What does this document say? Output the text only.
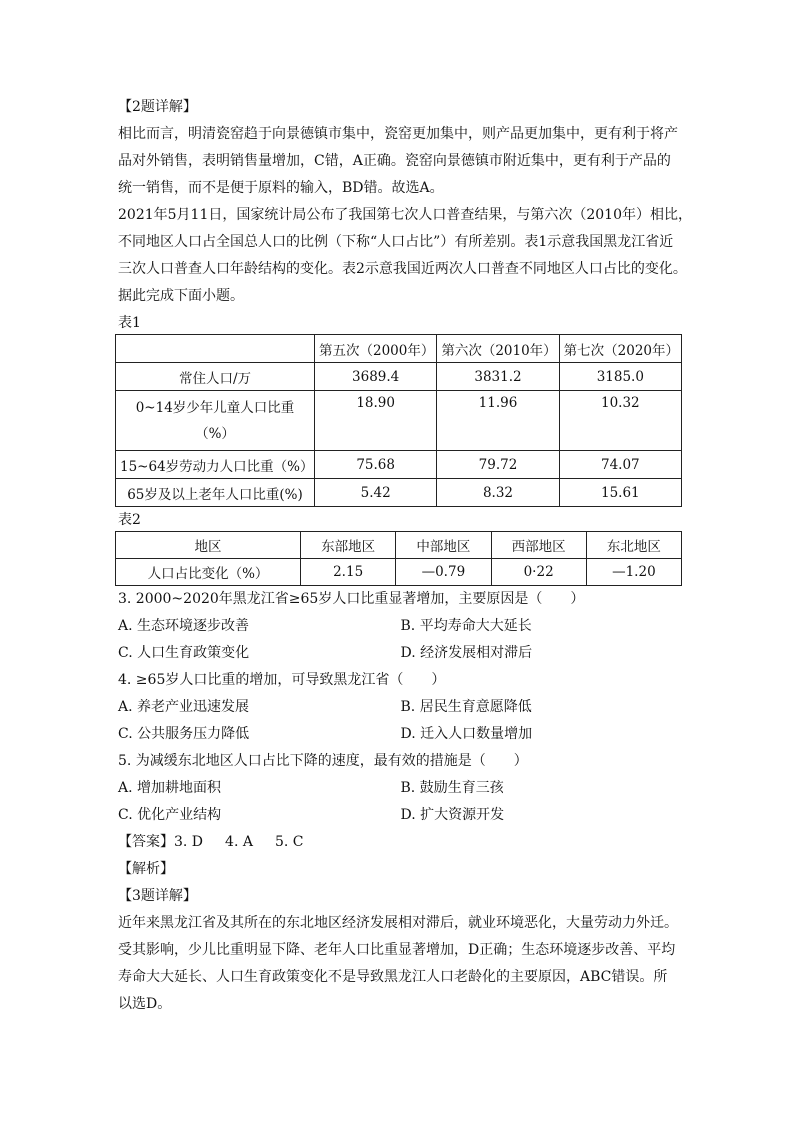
【2题详解】
相比而言，明清瓷窑趋于向景德镇市集中，瓷窑更加集中，则产品更加集中，更有利于将产
品对外销售，表明销售量增加，C错，A正确。瓷窑向景德镇市附近集中，更有利于产品的
统一销售，而不是便于原料的输入，BD错。故选A。
2021年5月11日，国家统计局公布了我国第七次人口普查结果，与第六次（2010年）相比，
不同地区人口占全国总人口的比例（下称“人口占比”）有所差别。表1示意我国黑龙江省近
三次人口普查人口年龄结构的变化。表2示意我国近两次人口普查不同地区人口占比的变化。
据此完成下面小题。
表1
	第五次（2000年）	第六次（2010年）	第七次（2020年）
常住人口/万	3689.4	3831.2	3185.0
0~14岁少年儿童人口比重（%）	18.90	11.96	10.32
15~64岁劳动力人口比重（%）	75.68	79.72	74.07
65岁及以上老年人口比重(%)	5.42	8.32	15.61
表2
地区	东部地区	中部地区	西部地区	东北地区
人口占比变化（%）	2.15	—0.79	0·22	—1.20
3. 2000~2020年黑龙江省≥65岁人口比重显著增加，主要原因是（　　）
A. 生态环境逐步改善	B. 平均寿命大大延长
C. 人口生育政策变化	D. 经济发展相对滞后
4. ≥65岁人口比重的增加，可导致黑龙江省（　　）
A. 养老产业迅速发展	B. 居民生育意愿降低
C. 公共服务压力降低	D. 迁入人口数量增加
5. 为减缓东北地区人口占比下降的速度，最有效的措施是（　　）
A. 增加耕地面积	B. 鼓励生育三孩
C. 优化产业结构	D. 扩大资源开发
【答案】3. D 4. A 5. C
【解析】
【3题详解】
近年来黑龙江省及其所在的东北地区经济发展相对滞后，就业环境恶化，大量劳动力外迁。
受其影响，少儿比重明显下降、老年人口比重显著增加，D正确；生态环境逐步改善、平均
寿命大大延长、人口生育政策变化不是导致黑龙江人口老龄化的主要原因，ABC错误。所
以选D。
